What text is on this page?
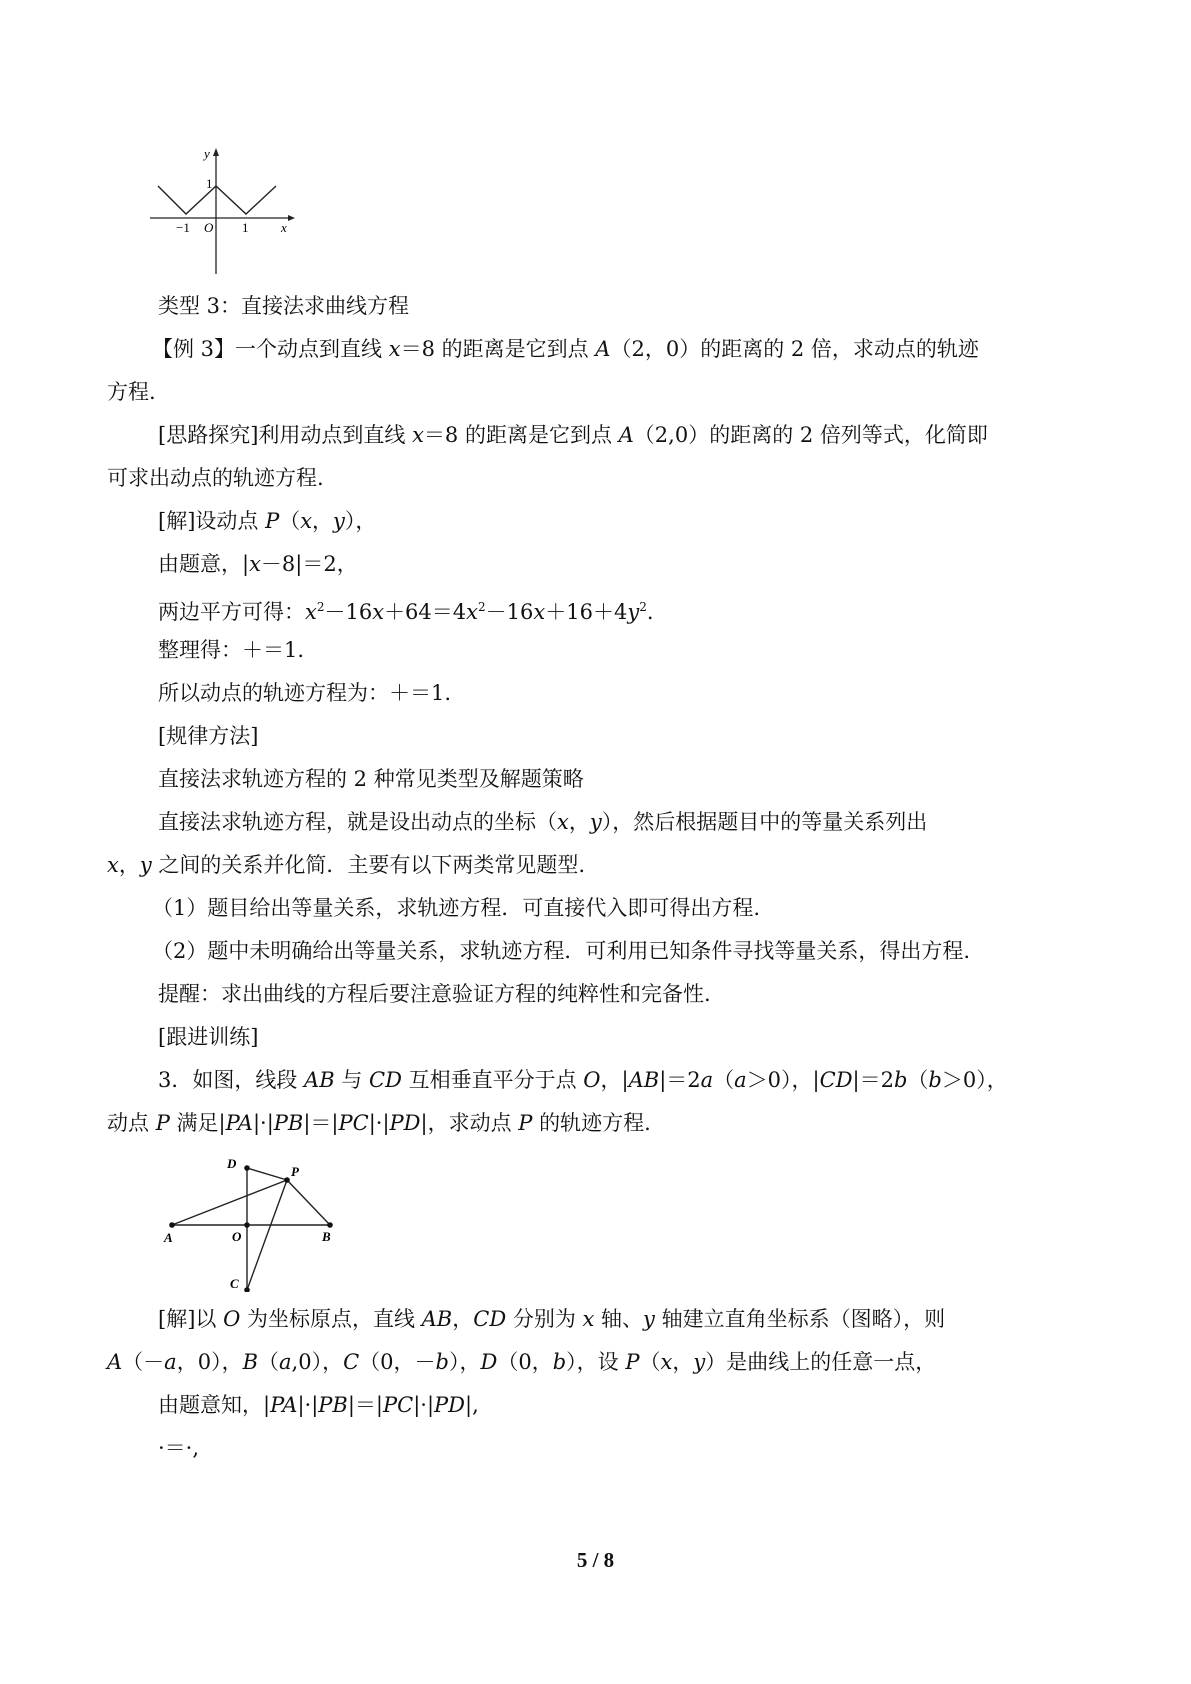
y
x
1
−1 O 1
类型 3：直接法求曲线方程
【例 3】一个动点到直线 x＝8 的距离是它到点 A（2，0）的距离的 2 倍，求动点的轨迹
方程.
[思路探究]利用动点到直线 x＝8 的距离是它到点 A（2,0）的距离的 2 倍列等式，化简即
可求出动点的轨迹方程.
[解]设动点 P（x，y），
由题意，|x－8|＝2，
两边平方可得：$x^2-16x+64=4x^2-16x+16+4y^2$.
整理得：＋＝1.
所以动点的轨迹方程为：＋＝1.
[规律方法]
直接法求轨迹方程的 2 种常见类型及解题策略
直接法求轨迹方程，就是设出动点的坐标（x，y），然后根据题目中的等量关系列出
x，y 之间的关系并化简．主要有以下两类常见题型.
（1）题目给出等量关系，求轨迹方程．可直接代入即可得出方程.
（2）题中未明确给出等量关系，求轨迹方程．可利用已知条件寻找等量关系，得出方程.
提醒：求出曲线的方程后要注意验证方程的纯粹性和完备性.
[跟进训练]
3．如图，线段 AB 与 CD 互相垂直平分于点 O，|AB|＝2a（a＞0），|CD|＝2b（b＞0），
动点 P 满足|PA|·|PB|＝|PC|·|PD|，求动点 P 的轨迹方程.
D
P
A	O	B
C
[解]以 O 为坐标原点，直线 AB，CD 分别为 x 轴、y 轴建立直角坐标系（图略），则
A（－a，0），B（a,0），C（0，－b），D（0，b），设 P（x，y）是曲线上的任意一点，
由题意知，|PA|·|PB|＝|PC|·|PD|,
·＝·,
5 / 8
